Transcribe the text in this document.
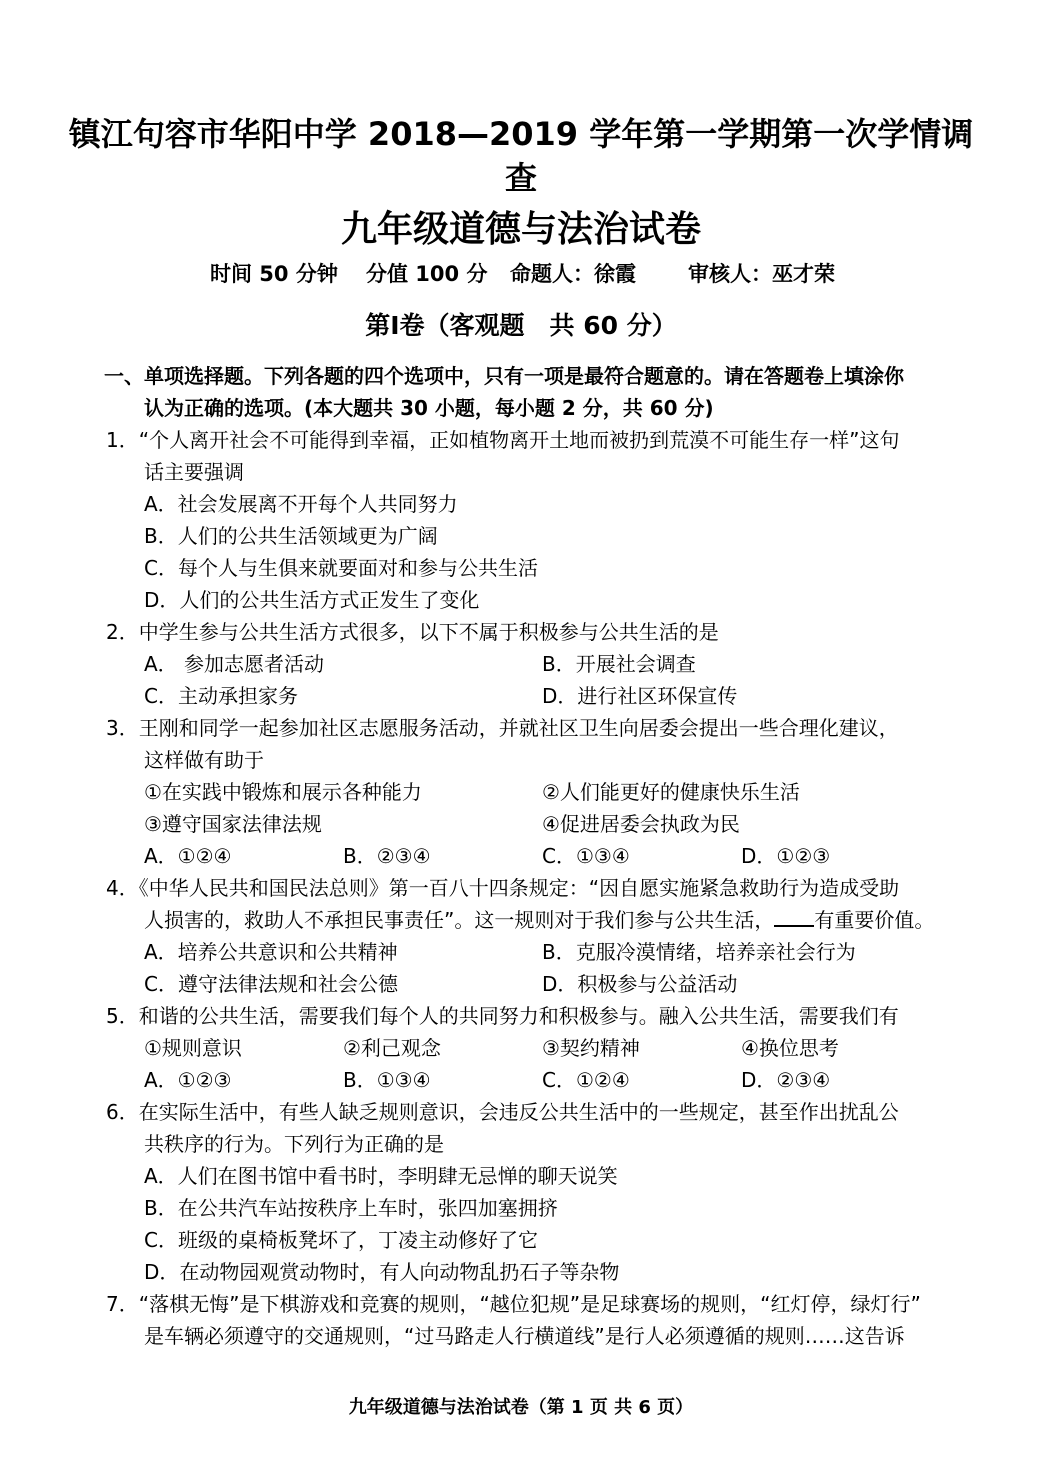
镇江句容市华阳中学 2018—2019 学年第一学期第一次学情调
查
九年级道德与法治试卷
时间 50 分钟 分值 100 分 命题人：徐霞 审核人：巫才荣
第Ⅰ卷（客观题　共 60 分）
一、单项选择题。下列各题的四个选项中，只有一项是最符合题意的。请在答题卷上填涂你
认为正确的选项。(本大题共 30 小题，每小题 2 分，共 60 分)
1．“个人离开社会不可能得到幸福，正如植物离开土地而被扔到荒漠不可能生存一样”这句
话主要强调
A．社会发展离不开每个人共同努力
B．人们的公共生活领域更为广阔
C．每个人与生俱来就要面对和参与公共生活
D．人们的公共生活方式正发生了变化
2．中学生参与公共生活方式很多，以下不属于积极参与公共生活的是
A． 参加志愿者活动	B．开展社会调查
C．主动承担家务	D．进行社区环保宣传
3．王刚和同学一起参加社区志愿服务活动，并就社区卫生向居委会提出一些合理化建议，
这样做有助于
①在实践中锻炼和展示各种能力	②人们能更好的健康快乐生活
③遵守国家法律法规	④促进居委会执政为民
A．①②④	B．②③④	C．①③④	D．①②③
4．《中华人民共和国民法总则》第一百八十四条规定：“因自愿实施紧急救助行为造成受助
人损害的，救助人不承担民事责任”。这一规则对于我们参与公共生活， 有重要价值。
A．培养公共意识和公共精神	B．克服冷漠情绪，培养亲社会行为
C．遵守法律法规和社会公德	D．积极参与公益活动
5．和谐的公共生活，需要我们每个人的共同努力和积极参与。融入公共生活，需要我们有
①规则意识	②利己观念	③契约精神	④换位思考
A．①②③	B．①③④	C．①②④	D．②③④
6．在实际生活中，有些人缺乏规则意识，会违反公共生活中的一些规定，甚至作出扰乱公
共秩序的行为。下列行为正确的是
A．人们在图书馆中看书时，李明肆无忌惮的聊天说笑
B．在公共汽车站按秩序上车时，张四加塞拥挤
C．班级的桌椅板凳坏了，丁凌主动修好了它
D．在动物园观赏动物时，有人向动物乱扔石子等杂物
7．“落棋无悔”是下棋游戏和竞赛的规则，“越位犯规”是足球赛场的规则，“红灯停，绿灯行”
是车辆必须遵守的交通规则，“过马路走人行横道线”是行人必须遵循的规则……这告诉
九年级道德与法治试卷（第 1 页 共 6 页）
